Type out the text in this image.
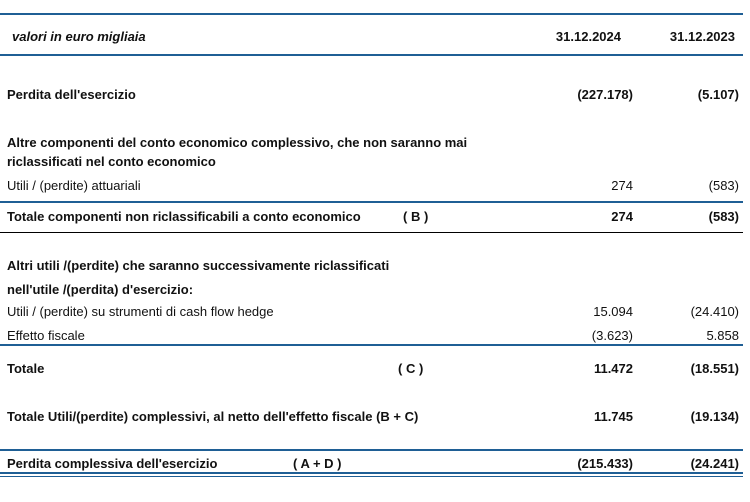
valori in euro migliaia	31.12.2024	31.12.2023
Perdita dell'esercizio	(227.178)	(5.107)
Altre componenti del conto economico complessivo, che non saranno mai
riclassificati nel conto economico
Utili / (perdite) attuariali	274	(583)
Totale componenti non riclassificabili a conto economico	( B )	274	(583)
Altri utili /(perdite) che saranno successivamente riclassificati
nell'utile /(perdita) d'esercizio:
Utili / (perdite) su strumenti di cash flow hedge	15.094	(24.410)
Effetto fiscale	(3.623)	5.858
Totale	( C )	11.472	(18.551)
Totale Utili/(perdite) complessivi, al netto dell'effetto fiscale (B + C)	11.745	(19.134)
Perdita complessiva dell'esercizio	( A + D )	(215.433)	(24.241)
